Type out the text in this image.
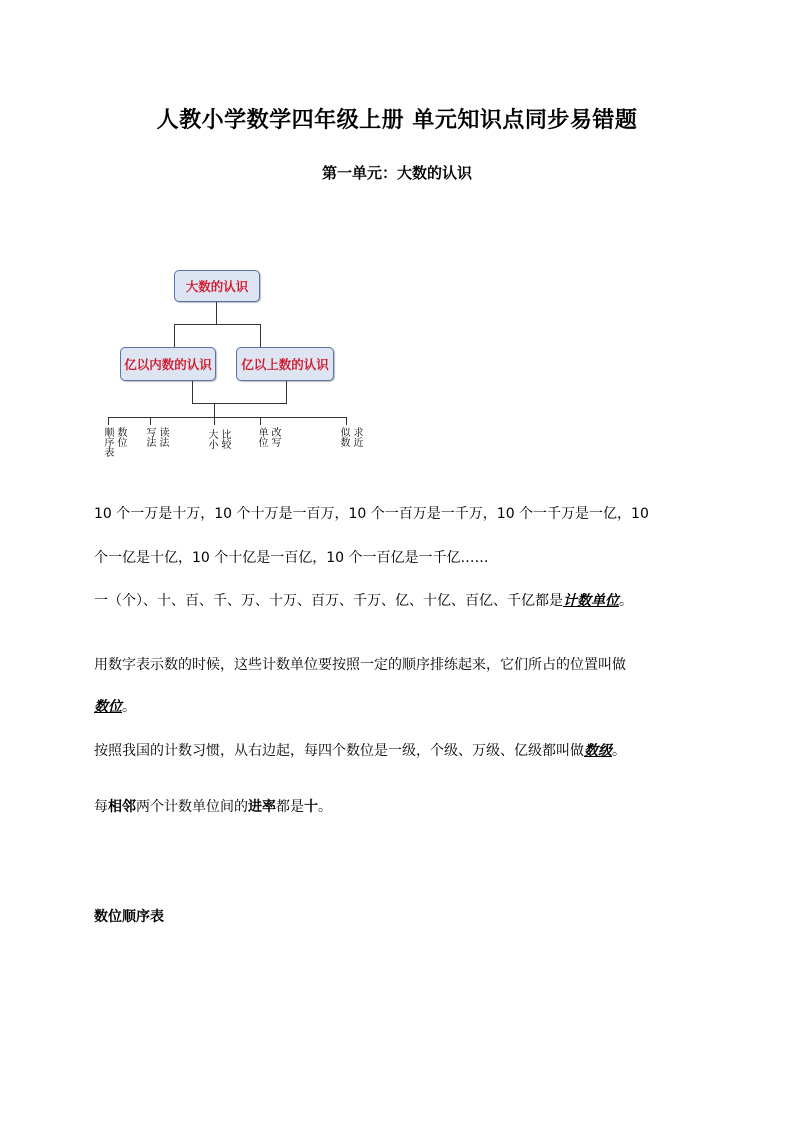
人教小学数学四年级上册 单元知识点同步易错题
第一单元：大数的认识
大数的认识
亿以内数的认识	亿以上数的认识
顺序表 数位 写法 读法	大小 比较	单位 改写	似数 求近
10 个一万是十万，10 个十万是一百万，10 个一百万是一千万，10 个一千万是一亿，10
个一亿是十亿，10 个十亿是一百亿，10 个一百亿是一千亿……
一（个）、十、百、千、万、十万、百万、千万、亿、十亿、百亿、千亿都是计数单位。
用数字表示数的时候，这些计数单位要按照一定的顺序排练起来，它们所占的位置叫做
数位。
按照我国的计数习惯，从右边起，每四个数位是一级，个级、万级、亿级都叫做数级。
每相邻两个计数单位间的进率都是十。
数位顺序表
